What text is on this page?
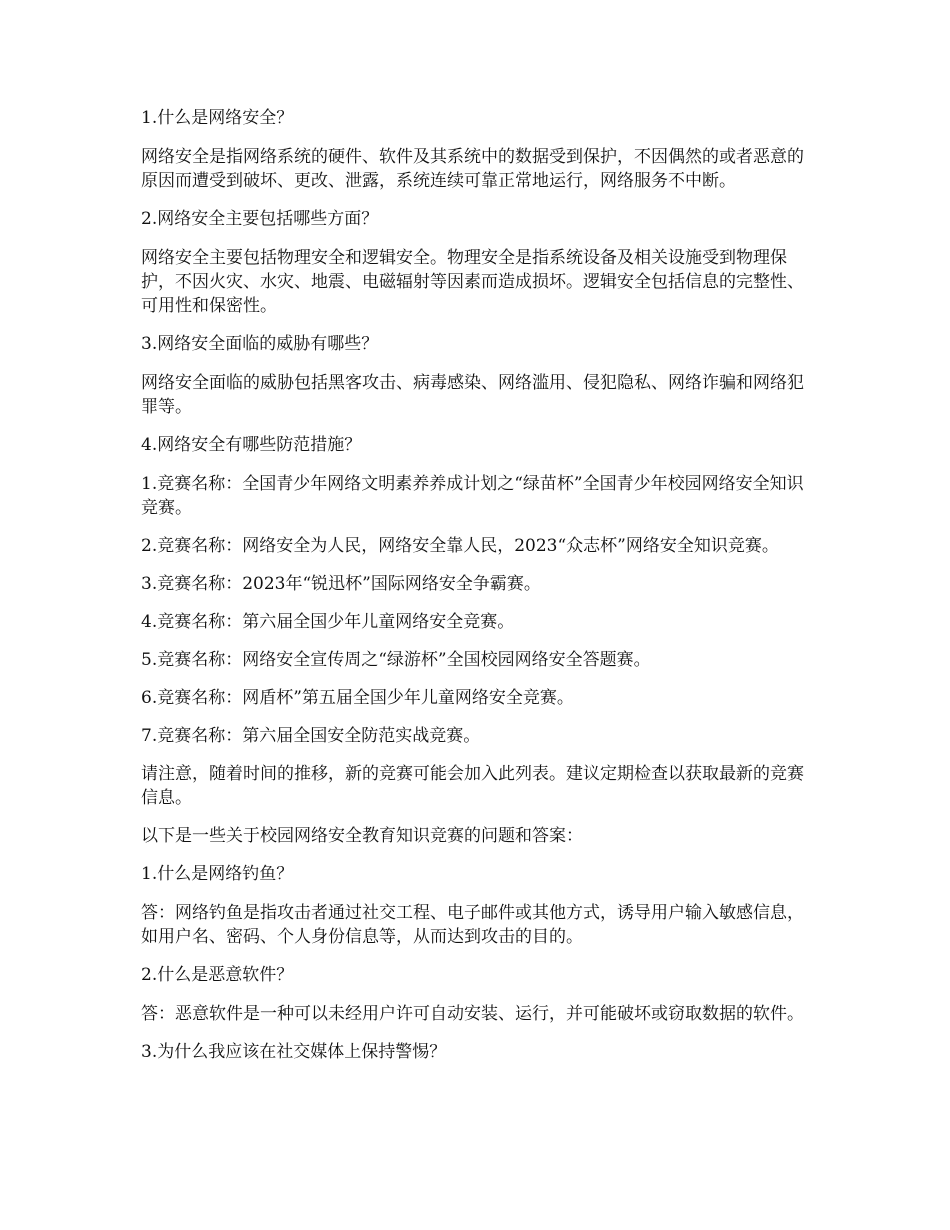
1.什么是网络安全？

网络安全是指网络系统的硬件、软件及其系统中的数据受到保护，不因偶然的或者恶意的原因而遭受到破坏、更改、泄露，系统连续可靠正常地运行，网络服务不中断。

2.网络安全主要包括哪些方面？

网络安全主要包括物理安全和逻辑安全。物理安全是指系统设备及相关设施受到物理保护，不因火灾、水灾、地震、电磁辐射等因素而造成损坏。逻辑安全包括信息的完整性、可用性和保密性。

3.网络安全面临的威胁有哪些？

网络安全面临的威胁包括黑客攻击、病毒感染、网络滥用、侵犯隐私、网络诈骗和网络犯罪等。

4.网络安全有哪些防范措施？

1.竞赛名称：全国青少年网络文明素养养成计划之“绿苗杯”全国青少年校园网络安全知识竞赛。

2.竞赛名称：网络安全为人民，网络安全靠人民，2023“众志杯”网络安全知识竞赛。

3.竞赛名称：2023年“锐迅杯”国际网络安全争霸赛。

4.竞赛名称：第六届全国少年儿童网络安全竞赛。

5.竞赛名称：网络安全宣传周之“绿游杯”全国校园网络安全答题赛。

6.竞赛名称：网盾杯”第五届全国少年儿童网络安全竞赛。

7.竞赛名称：第六届全国安全防范实战竞赛。

请注意，随着时间的推移，新的竞赛可能会加入此列表。建议定期检查以获取最新的竞赛信息。

以下是一些关于校园网络安全教育知识竞赛的问题和答案：

1.什么是网络钓鱼？

答：网络钓鱼是指攻击者通过社交工程、电子邮件或其他方式，诱导用户输入敏感信息，如用户名、密码、个人身份信息等，从而达到攻击的目的。

2.什么是恶意软件？

答：恶意软件是一种可以未经用户许可自动安装、运行，并可能破坏或窃取数据的软件。

3.为什么我应该在社交媒体上保持警惕？
